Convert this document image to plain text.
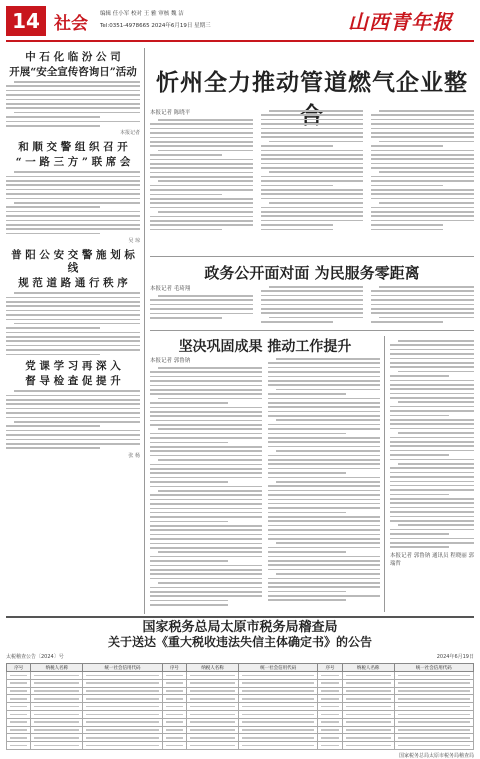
14 社会 编辑 任小军 校对 王 雅 审核 魏 洁
Tel:0351-4978665 2024年6月19日 星期三	山西青年报
中 石 化 临 汾 公 司
开展“安全宣传咨询日”活动
本报记者
和 顺 交 警 组 织 召 开
“ 一 路 三 方 ” 联 席 会
吴 琼
普 阳 公 安 交 警 施 划 标 线
规 范 道 路 通 行 秩 序
党 课 学 习 再 深 入
督 导 检 查 促 提 升
张 杨
忻州全力推动管道燃气企业整
本报记者 陈晓平
政务公开面对面 为民服务零距离
本报记者 毛琦翔
坚决巩固成果 推动工作提升
本报记者 郭鲁钠
本报记者 郭鲁钠 通讯员 程晓丽 郭瑞哲
国家税务总局太原市税务局稽查局
关于送达《重大税收违法失信主体确定书》的公告
太税稽查公告〔2024〕号	2024年6月19日
序号	纳税人名称	统一社会信用代码	序号	纳税人名称	统一社会信用代码	序号	纳税人名称	统一社会信用代码

国家税务总局太原市税务局稽查局
